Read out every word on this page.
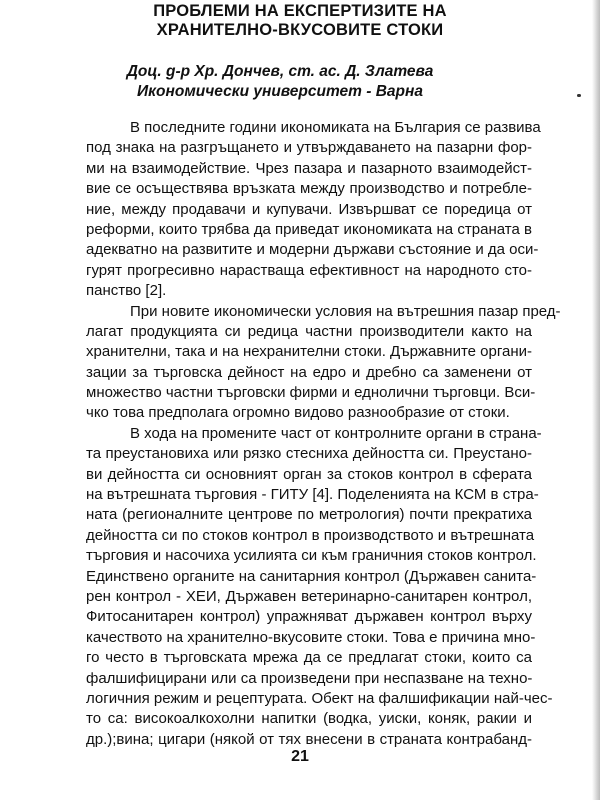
ПРОБЛЕМИ НА ЕКСПЕРТИЗИТЕ НА
ХРАНИТЕЛНО-ВКУСОВИТЕ СТОКИ
Доц. g-р Хр. Дончев, ст. ас. Д. Златева
Икономически университет - Варна
В последните години икономиката на България се развива
под знака на разгръщането и утвърждаването на пазарни фор-
ми на взаимодействие. Чрез пазара и пазарното взаимодейст-
вие се осъществява връзката между производство и потребле-
ние, между продавачи и купувачи. Извършват се поредица от
реформи, които трябва да приведат икономиката на страната в
адекватно на развитите и модерни държави състояние и да оси-
гурят прогресивно нарастваща ефективност на народното сто-
панство [2].
При новите икономически условия на вътрешния пазар пред-
лагат продукцията си редица частни производители както на
хранителни, така и на нехранителни стоки. Държавните органи-
зации за търговска дейност на едро и дребно са заменени от
множество частни търговски фирми и еднолични търговци. Вси-
чко това предполага огромно видово разнообразие от стоки.
В хода на промените част от контролните органи в страна-
та преустановиха или рязко стесниха дейността си. Преустано-
ви дейността си основният орган за стоков контрол в сферата
на вътрешната търговия - ГИТУ [4]. Поделенията на КСМ в стра-
ната (регионалните центрове по метрология) почти прекратиха
дейността си по стоков контрол в производството и вътрешната
търговия и насочиха усилията си към граничния стоков контрол.
Единствено органите на санитарния контрол (Държавен санита-
рен контрол - ХЕИ, Държавен ветеринарно-санитарен контрол,
Фитосанитарен контрол) упражняват държавен контрол върху
качеството на хранително-вкусовите стоки. Това е причина мно-
го често в търговската мрежа да се предлагат стоки, които са
фалшифицирани или са произведени при неспазване на техно-
логичния режим и рецептурата. Обект на фалшификации най-чес-
то са: високоалкохолни напитки (водка, уиски, коняк, ракии и
др.);вина; цигари (някой от тях внесени в страната контрабанд-
21
